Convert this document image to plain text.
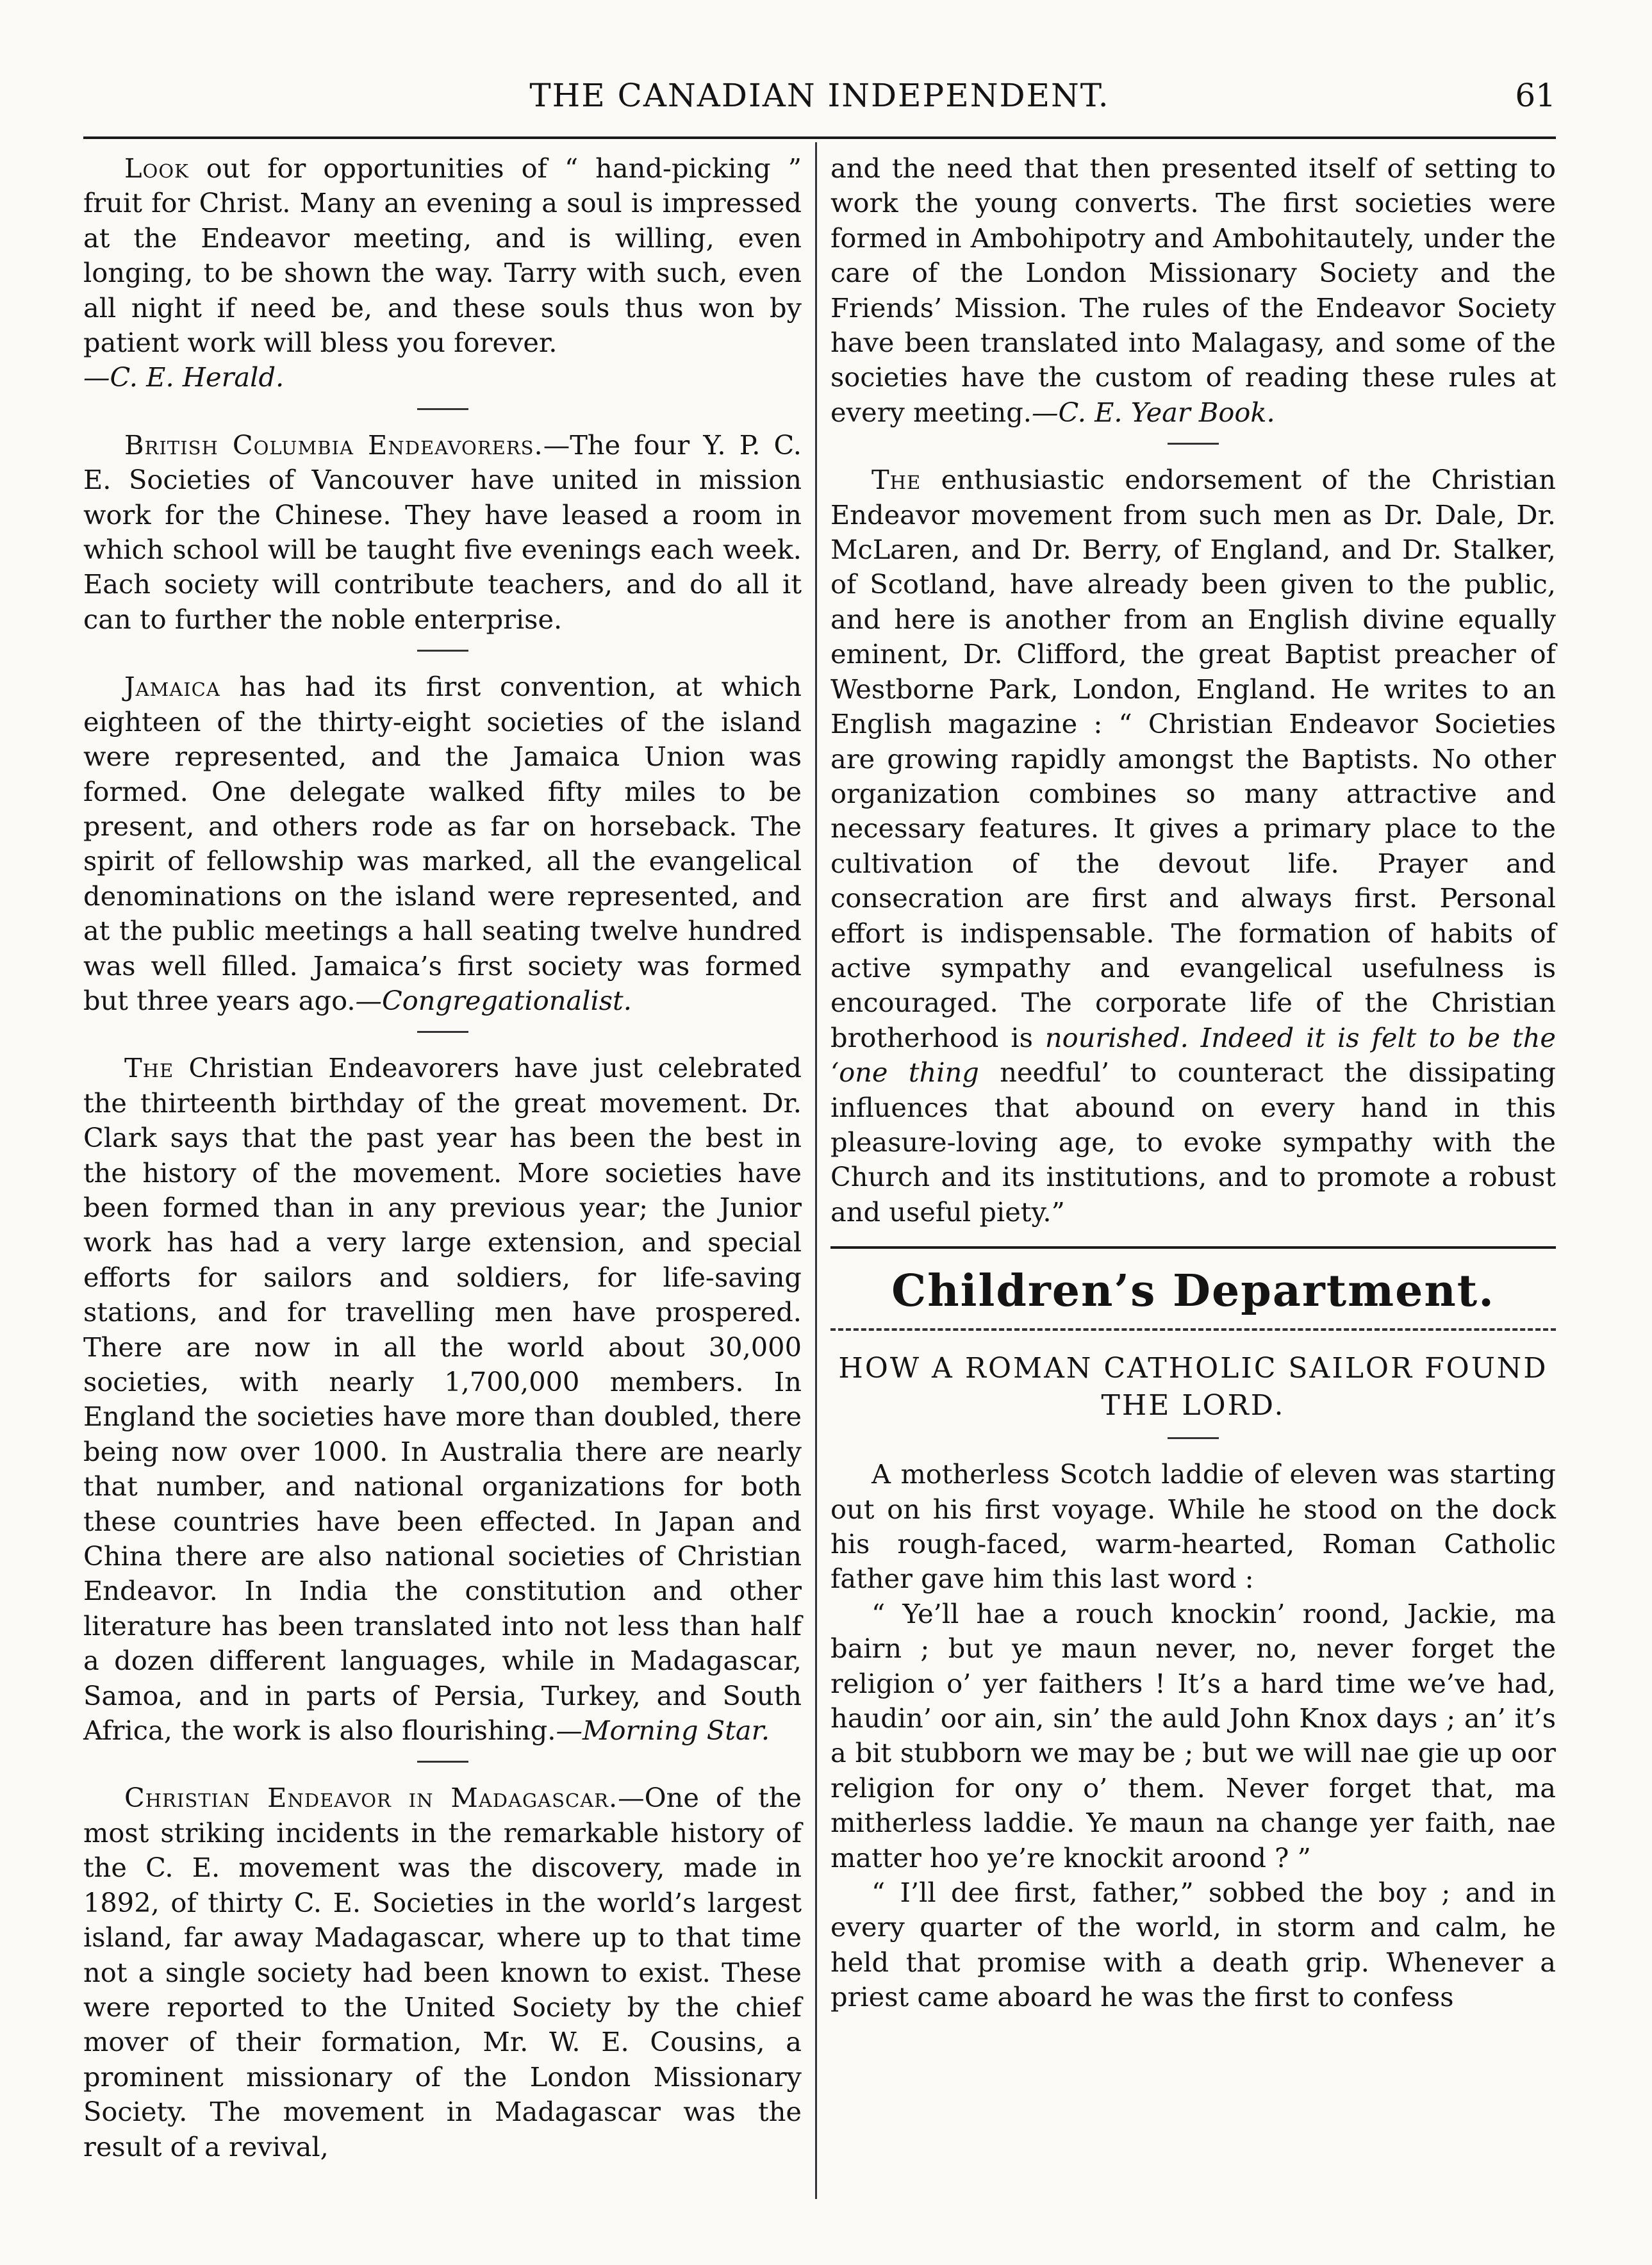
THE CANADIAN INDEPENDENT.	61

Look out for opportunities of “ hand-picking ” fruit for Christ. Many an evening a soul is impressed at the Endeavor meeting, and is willing, even longing, to be shown the way. Tarry with such, even all night if need be, and these souls thus won by patient work will bless you forever.

—C. E. Herald.

British Columbia Endeavorers.—The four Y. P. C. E. Societies of Vancouver have united in mission work for the Chinese. They have leased a room in which school will be taught five evenings each week. Each society will contribute teachers, and do all it can to further the noble enterprise.

Jamaica has had its first convention, at which eighteen of the thirty-eight societies of the island were represented, and the Jamaica Union was formed. One delegate walked fifty miles to be present, and others rode as far on horseback. The spirit of fellowship was marked, all the evangelical denominations on the island were represented, and at the public meetings a hall seating twelve hundred was well filled. Jamaica’s first society was formed but three years ago.—Congregationalist.

The Christian Endeavorers have just celebrated the thirteenth birthday of the great movement. Dr. Clark says that the past year has been the best in the history of the movement. More societies have been formed than in any previous year; the Junior work has had a very large extension, and special efforts for sailors and soldiers, for life-saving stations, and for travelling men have prospered. There are now in all the world about 30,000 societies, with nearly 1,700,000 members. In England the societies have more than doubled, there being now over 1000. In Australia there are nearly that number, and national organizations for both these countries have been effected. In Japan and China there are also national societies of Christian Endeavor. In India the constitution and other literature has been translated into not less than half a dozen different languages, while in Madagascar, Samoa, and in parts of Persia, Turkey, and South Africa, the work is also flourishing.—Morning Star.

Christian Endeavor in Madagascar.—One of the most striking incidents in the remarkable history of the C. E. movement was the discovery, made in 1892, of thirty C. E. Societies in the world’s largest island, far away Madagascar, where up to that time not a single society had been known to exist. These were reported to the United Society by the chief mover of their formation, Mr. W. E. Cousins, a prominent missionary of the London Missionary Society. The movement in Madagascar was the result of a revival,

and the need that then presented itself of setting to work the young converts. The first societies were formed in Ambohipotry and Ambohitautely, under the care of the London Missionary Society and the Friends’ Mission. The rules of the Endeavor Society have been translated into Malagasy, and some of the societies have the custom of reading these rules at every meeting.—C. E. Year Book.

The enthusiastic endorsement of the Christian Endeavor movement from such men as Dr. Dale, Dr. McLaren, and Dr. Berry, of England, and Dr. Stalker, of Scotland, have already been given to the public, and here is another from an English divine equally eminent, Dr. Clifford, the great Baptist preacher of Westborne Park, London, England. He writes to an English magazine : “ Christian Endeavor Societies are growing rapidly amongst the Baptists. No other organization combines so many attractive and necessary features. It gives a primary place to the cultivation of the devout life. Prayer and consecration are first and always first. Personal effort is indispensable. The formation of habits of active sympathy and evangelical usefulness is encouraged. The corporate life of the Christian brotherhood is nourished. Indeed it is felt to be the ‘one thing needful’ to counteract the dissipating influences that abound on every hand in this pleasure-loving age, to evoke sympathy with the Church and its institutions, and to promote a robust and useful piety.”

Children’s Department.
HOW A ROMAN CATHOLIC SAILOR FOUND THE LORD.

A motherless Scotch laddie of eleven was starting out on his first voyage. While he stood on the dock his rough-faced, warm-hearted, Roman Catholic father gave him this last word :

“ Ye’ll hae a rouch knockin’ roond, Jackie, ma bairn ; but ye maun never, no, never forget the religion o’ yer faithers ! It’s a hard time we’ve had, haudin’ oor ain, sin’ the auld John Knox days ; an’ it’s a bit stubborn we may be ; but we will nae gie up oor religion for ony o’ them. Never forget that, ma mitherless laddie. Ye maun na change yer faith, nae matter hoo ye’re knockit aroond ? ”

“ I’ll dee first, father,” sobbed the boy ; and in every quarter of the world, in storm and calm, he held that promise with a death grip. Whenever a priest came aboard he was the first to confess
